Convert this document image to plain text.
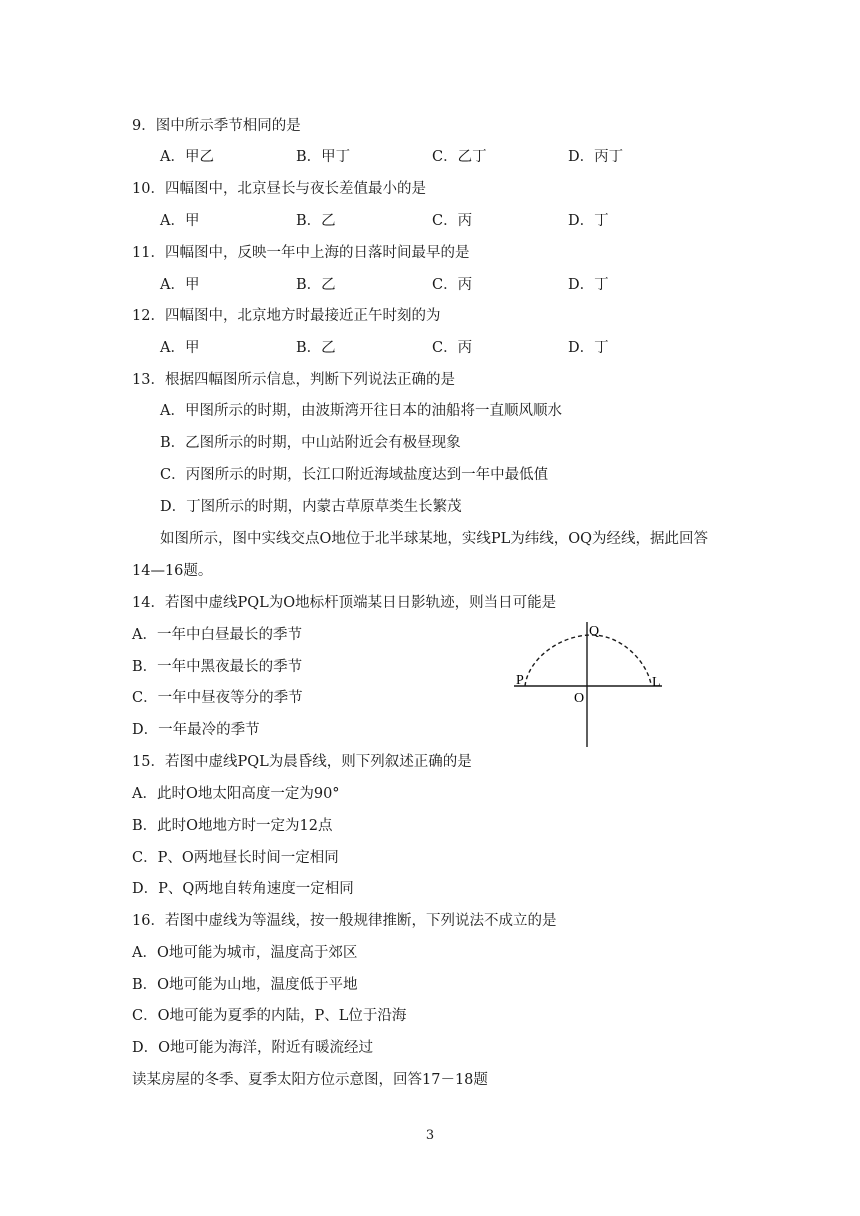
9．图中所示季节相同的是
A．甲乙	B．甲丁	C．乙丁	D．丙丁
10．四幅图中，北京昼长与夜长差值最小的是
A．甲	B．乙	C．丙	D．丁
11．四幅图中，反映一年中上海的日落时间最早的是
A．甲	B．乙	C．丙	D．丁
12．四幅图中，北京地方时最接近正午时刻的为
A．甲	B．乙	C．丙	D．丁
13．根据四幅图所示信息，判断下列说法正确的是
A．甲图所示的时期，由波斯湾开往日本的油船将一直顺风顺水
B．乙图所示的时期，中山站附近会有极昼现象
C．丙图所示的时期，长江口附近海域盐度达到一年中最低值
D．丁图所示的时期，内蒙古草原草类生长繁茂
如图所示，图中实线交点O地位于北半球某地，实线PL为纬线，OQ为经线，据此回答
14—16题。
14．若图中虚线PQL为O地标杆顶端某日日影轨迹，则当日可能是
A．一年中白昼最长的季节
B．一年中黑夜最长的季节
C．一年中昼夜等分的季节
D．一年最冷的季节
P
Q
L
O
15．若图中虚线PQL为晨昏线，则下列叙述正确的是
A．此时O地太阳高度一定为90°
B．此时O地地方时一定为12点
C．P、O两地昼长时间一定相同
D．P、Q两地自转角速度一定相同
16．若图中虚线为等温线，按一般规律推断，下列说法不成立的是
A．O地可能为城市，温度高于郊区
B．O地可能为山地，温度低于平地
C．O地可能为夏季的内陆，P、L位于沿海
D．O地可能为海洋，附近有暖流经过
读某房屋的冬季、夏季太阳方位示意图，回答17－18题
3
